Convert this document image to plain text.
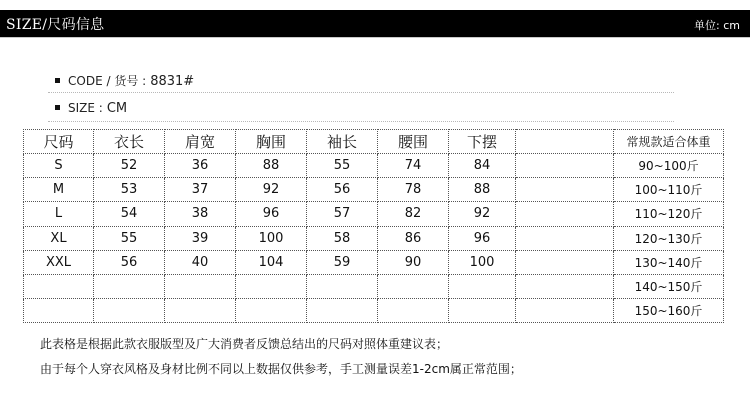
SIZE/尺码信息	单位: cm
CODE / 货号 : 8831#
SIZE : CM
尺码	衣长	肩宽	胸围	袖长	腰围	下摆		常规款适合体重
S	52	36	88	55	74	84		90~100斤
M	53	37	92	56	78	88		100~110斤
L	54	38	96	57	82	92		110~120斤
XL	55	39	100	58	86	96		120~130斤
XXL	56	40	104	59	90	100		130~140斤
								140~150斤
								150~160斤
此表格是根据此款衣服版型及广大消费者反馈总结出的尺码对照体重建议表；
由于每个人穿衣风格及身材比例不同以上数据仅供参考，手工测量误差1-2cm属正常范围；
